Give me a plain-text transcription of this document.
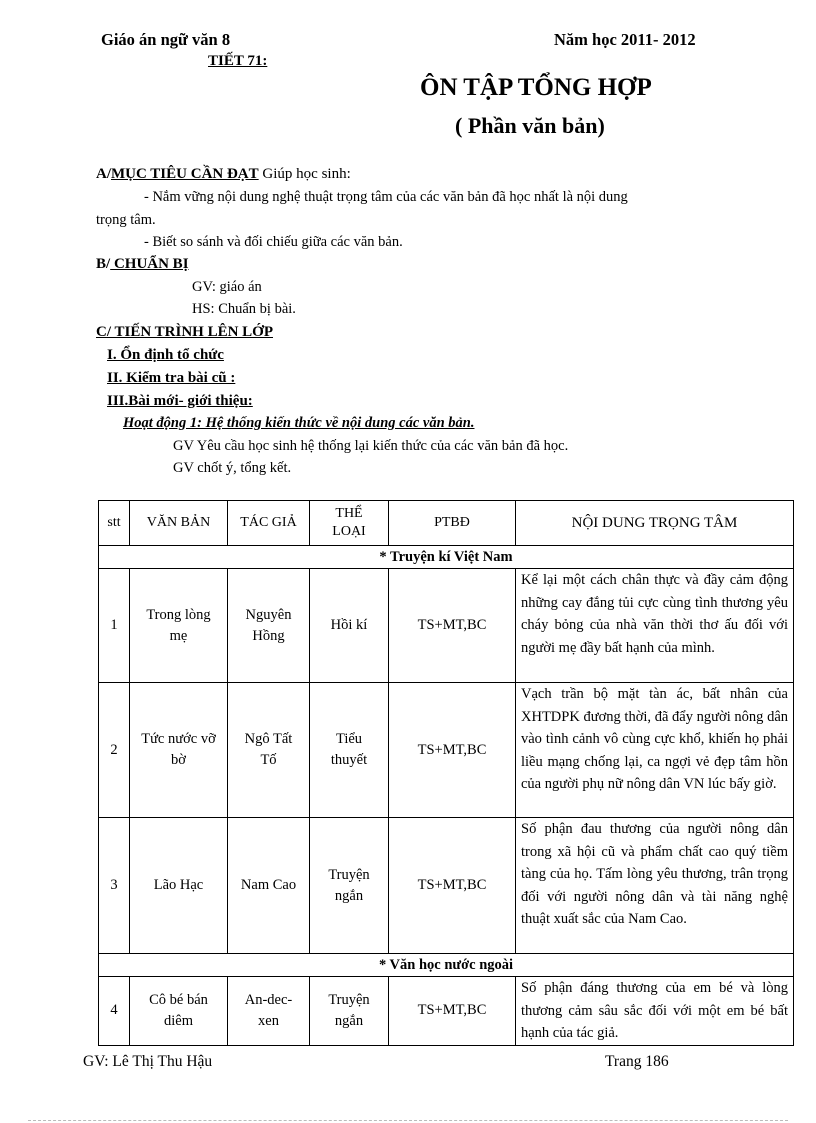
Giáo án ngữ văn 8	Năm học 2011- 2012
TIẾT 71:
ÔN TẬP TỔNG HỢP
( Phần văn bản)
A/MỤC TIÊU CẦN ĐẠT Giúp học sinh:
- Nắm vững nội dung nghệ thuật trọng tâm của các văn bản đã học nhất là nội dung
trọng tâm.
- Biết so sánh và đối chiếu giữa các văn bản.
B/ CHUẨN BỊ
GV: giáo án
HS: Chuẩn bị bài.
C/ TIẾN TRÌNH LÊN LỚP
I. Ổn định tổ chức
II. Kiểm tra bài cũ :
III.Bài mới- giới thiệu:
Hoạt động 1: Hệ thống kiến thức về nội dung các văn bản.
GV Yêu cầu học sinh hệ thống lại kiến thức của các văn bản đã học.
GV chốt ý, tổng kết.
stt	VĂN BẢN	TÁC GIẢ	THỂ LOẠI	PTBĐ	NỘI DUNG TRỌNG TÂM
* Truyện kí Việt Nam					
1	Trong lòng mẹ	Nguyên Hồng	Hồi kí	TS+MT,BC	Kể lại một cách chân thực và đầy cảm động những cay đắng tủi cực cùng tình thương yêu cháy bỏng của nhà văn thời thơ ấu đối với người mẹ đầy bất hạnh của mình.
2	Tức nước vỡ bờ	Ngô Tất Tố	Tiểu thuyết	TS+MT,BC	Vạch trần bộ mặt tàn ác, bất nhân của XHTDPK đương thời, đã đẩy người nông dân vào tình cảnh vô cùng cực khổ, khiến họ phải liều mạng chống lại, ca ngợi vẻ đẹp tâm hồn của người phụ nữ nông dân VN lúc bấy giờ.
3	Lão Hạc	Nam Cao	Truyện ngắn	TS+MT,BC	Số phận đau thương của người nông dân trong xã hội cũ và phẩm chất cao quý tiềm tàng của họ. Tấm lòng yêu thương, trân trọng đối với người nông dân và tài năng nghệ thuật xuất sắc của Nam Cao.
* Văn học nước ngoài					
4	Cô bé bán diêm	An-dec-xen	Truyện ngắn	TS+MT,BC	Số phận đáng thương của em bé và lòng thương cảm sâu sắc đối với một em bé bất hạnh của tác giả.
GV: Lê Thị Thu Hậu	Trang 186
